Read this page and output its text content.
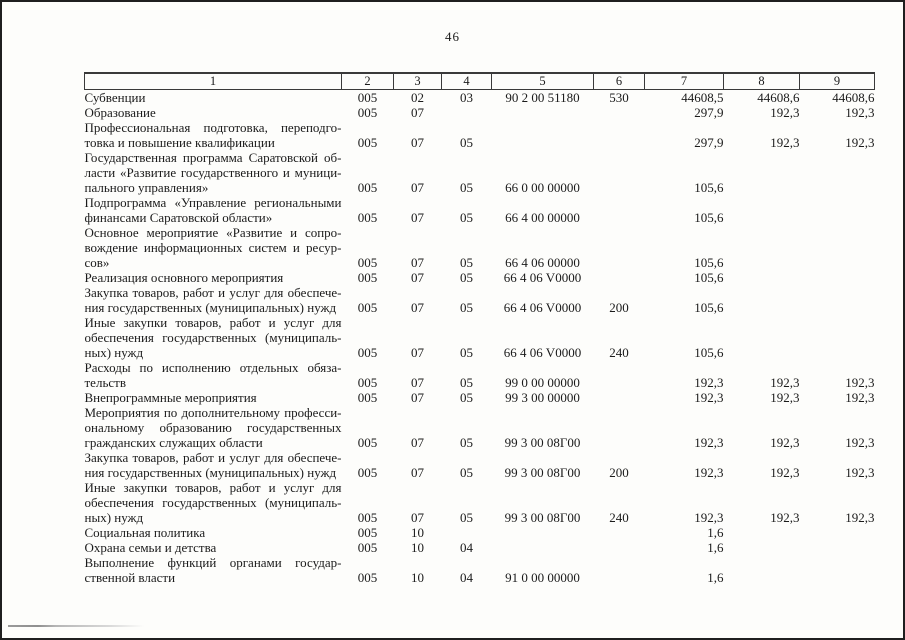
46
1	2	3	4	5	6	7	8	9

Субвенции	005	02	03	90 2 00 51180	530	44608,5	44608,6	44608,6

Образование	005	07				297,9	192,3	192,3

Профессиональная подготовка, переподго-
товка и повышение квалификации	005	07	05			297,9	192,3	192,3

Государственная программа Саратовской об-
ласти «Развитие государственного и муници-
пального управления»	005	07	05	66 0 00 00000		105,6		

Подпрограмма «Управление региональными
финансами Саратовской области»	005	07	05	66 4 00 00000		105,6		

Основное мероприятие «Развитие и сопро-
вождение информационных систем и ресур-
сов»	005	07	05	66 4 06 00000		105,6		

Реализация основного мероприятия	005	07	05	66 4 06 V0000		105,6		

Закупка товаров, работ и услуг для обеспече-
ния государственных (муниципальных) нужд	005	07	05	66 4 06 V0000	200	105,6		

Иные закупки товаров, работ и услуг для
обеспечения государственных (муниципаль-
ных) нужд	005	07	05	66 4 06 V0000	240	105,6		

Расходы по исполнению отдельных обяза-
тельств	005	07	05	99 0 00 00000		192,3	192,3	192,3

Внепрограммные мероприятия	005	07	05	99 3 00 00000		192,3	192,3	192,3

Мероприятия по дополнительному професси-
ональному образованию государственных
гражданских служащих области	005	07	05	99 3 00 08Г00		192,3	192,3	192,3

Закупка товаров, работ и услуг для обеспече-
ния государственных (муниципальных) нужд	005	07	05	99 3 00 08Г00	200	192,3	192,3	192,3

Иные закупки товаров, работ и услуг для
обеспечения государственных (муниципаль-
ных) нужд	005	07	05	99 3 00 08Г00	240	192,3	192,3	192,3

Социальная политика	005	10				1,6		

Охрана семьи и детства	005	10	04			1,6		

Выполнение функций органами государ-
ственной власти	005	10	04	91 0 00 00000		1,6		
